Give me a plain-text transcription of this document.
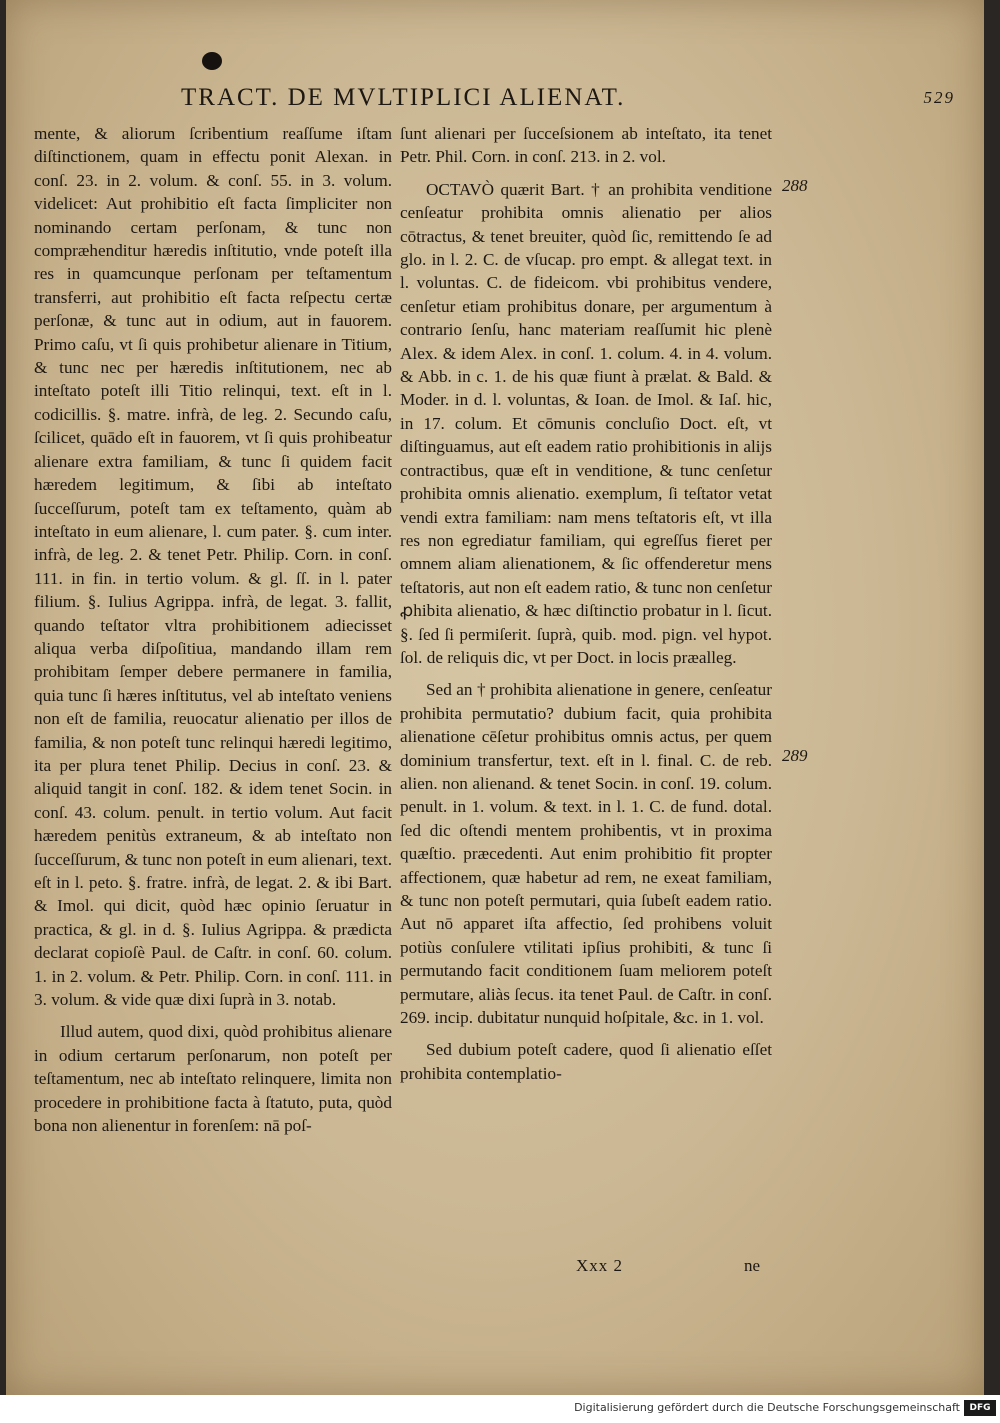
TRACT. DE MVLTIPLICI ALIENAT.	529

mente, & aliorum ſcribentium reaſſume iſtam diſtinctionem, quam in effectu ponit Alexan. in conſ. 23. in 2. volum. & conſ. 55. in 3. volum. videlicet: Aut prohibitio eſt facta ſimpliciter non nominando certam perſonam, & tunc non compræhenditur hæredis inſtitutio, vnde poteſt illa res in quamcunque perſonam per teſtamentum transferri, aut prohibitio eſt facta reſpectu certæ perſonæ, & tunc aut in odium, aut in fauorem. Primo caſu, vt ſi quis prohibetur alienare in Titium, & tunc nec per hæredis inſtitutionem, nec ab inteſtato poteſt illi Titio relinqui, text. eſt in l. codicillis. §. matre. infrà, de leg. 2. Secundo caſu, ſcilicet, quādo eſt in fauorem, vt ſi quis prohibeatur alienare extra familiam, & tunc ſi quidem facit hæredem legitimum, & ſibi ab inteſtato ſucceſſurum, poteſt tam ex teſtamento, quàm ab inteſtato in eum alienare, l. cum pater. §. cum inter. infrà, de leg. 2. & tenet Petr. Philip. Corn. in conſ. 111. in fin. in tertio volum. & gl. ſſ. in l. pater filium. §. Iulius Agrippa. infrà, de legat. 3. fallit, quando teſtator vltra prohibitionem adiecisset aliqua verba diſpoſitiua, mandando illam rem prohibitam ſemper debere permanere in familia, quia tunc ſi hæres inſtitutus, vel ab inteſtato veniens non eſt de familia, reuocatur alienatio per illos de familia, & non poteſt tunc relinqui hæredi legitimo, ita per plura tenet Philip. Decius in conſ. 23. & aliquid tangit in conſ. 182. & idem tenet Socin. in conſ. 43. colum. penult. in tertio volum. Aut facit hæredem penitùs extraneum, & ab inteſtato non ſucceſſurum, & tunc non poteſt in eum alienari, text. eſt in l. peto. §. fratre. infrà, de legat. 2. & ibi Bart. & Imol. qui dicit, quòd hæc opinio ſeruatur in practica, & gl. in d. §. Iulius Agrippa. & prædicta declarat copioſè Paul. de Caſtr. in conſ. 60. colum. 1. in 2. volum. & Petr. Philip. Corn. in conſ. 111. in 3. volum. & vide quæ dixi ſuprà in 3. notab.

Illud autem, quod dixi, quòd prohibitus alienare in odium certarum perſonarum, non poteſt per teſtamentum, nec ab inteſtato relinquere, limita non procedere in prohibitione facta à ſtatuto, puta, quòd bona non alienentur in forenſem: nā poſ-

ſunt alienari per ſucceſsionem ab inteſtato, ita tenet Petr. Phil. Corn. in conſ. 213. in 2. vol.

OCTAVÒ quærit Bart. † an prohibita venditione cenſeatur prohibita omnis alienatio per alios cōtractus, & tenet breuiter, quòd ſic, remittendo ſe ad glo. in l. 2. C. de vſucap. pro empt. & allegat text. in l. voluntas. C. de fideicom. vbi prohibitus vendere, cenſetur etiam prohibitus donare, per argumentum à contrario ſenſu, hanc materiam reaſſumit hic plenè Alex. & idem Alex. in conſ. 1. colum. 4. in 4. volum. & Abb. in c. 1. de his quæ fiunt à prælat. & Bald. & Moder. in d. l. voluntas, & Ioan. de Imol. & Iaſ. hic, in 17. colum. Et cōmunis concluſio Doct. eſt, vt diſtinguamus, aut eſt eadem ratio prohibitionis in alijs contractibus, quæ eſt in venditione, & tunc cenſetur prohibita omnis alienatio. exemplum, ſi teſtator vetat vendi extra familiam: nam mens teſtatoris eſt, vt illa res non egrediatur familiam, qui egreſſus fieret per omnem aliam alienationem, & ſic offenderetur mens teſtatoris, aut non eſt eadem ratio, & tunc non cenſetur ꝓhibita alienatio, & hæc diſtinctio probatur in l. ſicut. §. ſed ſi permiſerit. ſuprà, quib. mod. pign. vel hypot. ſol. de reliquis dic, vt per Doct. in locis præalleg.

Sed an † prohibita alienatione in genere, cenſeatur prohibita permutatio? dubium facit, quia prohibita alienatione cēſetur prohibitus omnis actus, per quem dominium transfertur, text. eſt in l. final. C. de reb. alien. non alienand. & tenet Socin. in conſ. 19. colum. penult. in 1. volum. & text. in l. 1. C. de fund. dotal. ſed dic oſtendi mentem prohibentis, vt in proxima quæſtio. præcedenti. Aut enim prohibitio fit propter affectionem, quæ habetur ad rem, ne exeat familiam, & tunc non poteſt permutari, quia ſubeſt eadem ratio. Aut nō apparet iſta affectio, ſed prohibens voluit potiùs conſulere vtilitati ipſius prohibiti, & tunc ſi permutando facit conditionem ſuam meliorem poteſt permutare, aliàs ſecus. ita tenet Paul. de Caſtr. in conſ. 269. incip. dubitatur nunquid hoſpitale, &c. in 1. vol.

Sed dubium poteſt cadere, quod ſi alienatio eſſet prohibita contemplatio-

288
289
Xxx 2	ne
Digitalisierung gefördert durch die Deutsche Forschungsgemeinschaft	DFG
